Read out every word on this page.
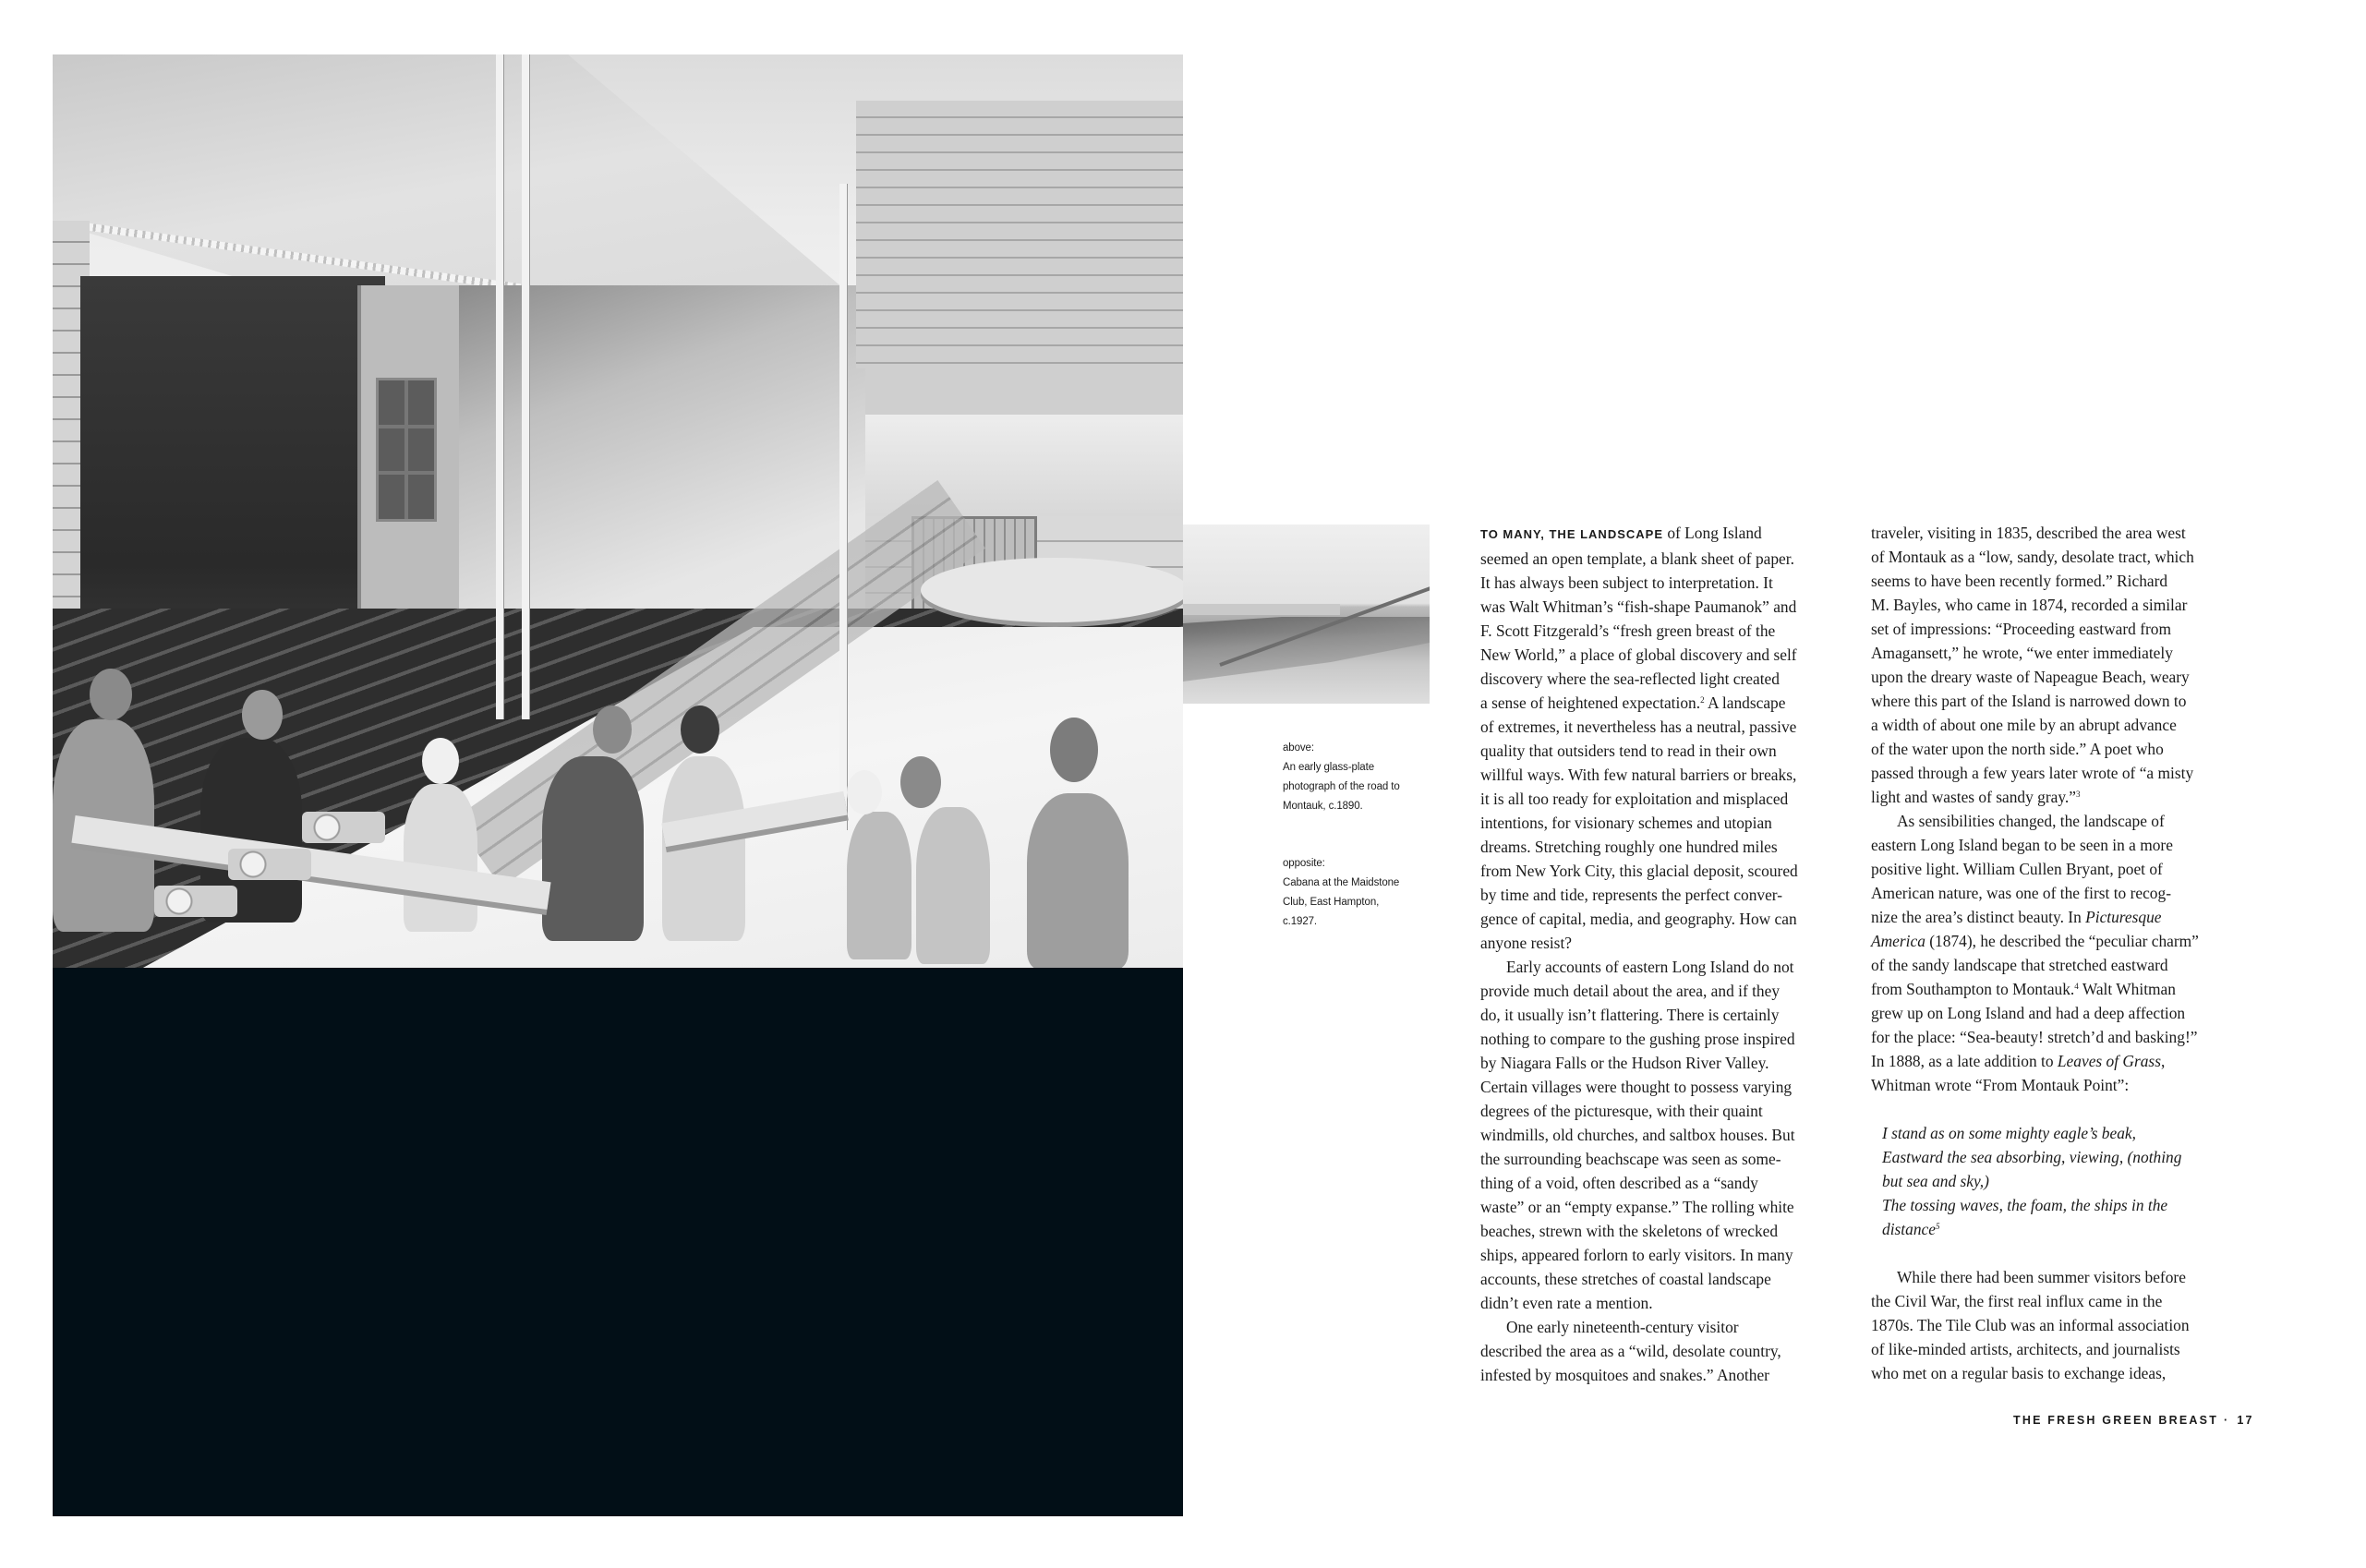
above:
An early glass-plate
photograph of the road to
Montauk, c.1890.
opposite:
Cabana at the Maidstone
Club, East Hampton,
c.1927.

TO MANY, THE LANDSCAPE of Long Island
seemed an open template, a blank sheet of paper.
It has always been subject to interpretation. It
was Walt Whitman’s “fish-shape Paumanok” and
F. Scott Fitzgerald’s “fresh green breast of the
New World,” a place of global discovery and self
discovery where the sea-reflected light created
a sense of heightened expectation.$^2$ A landscape
of extremes, it nevertheless has a neutral, passive
quality that outsiders tend to read in their own
willful ways. With few natural barriers or breaks,
it is all too ready for exploitation and misplaced
intentions, for visionary schemes and utopian
dreams. Stretching roughly one hundred miles
from New York City, this glacial deposit, scoured
by time and tide, represents the perfect conver-
gence of capital, media, and geography. How can
anyone resist?

Early accounts of eastern Long Island do not
provide much detail about the area, and if they
do, it usually isn’t flattering. There is certainly
nothing to compare to the gushing prose inspired
by Niagara Falls or the Hudson River Valley.
Certain villages were thought to possess varying
degrees of the picturesque, with their quaint
windmills, old churches, and saltbox houses. But
the surrounding beachscape was seen as some-
thing of a void, often described as a “sandy
waste” or an “empty expanse.” The rolling white
beaches, strewn with the skeletons of wrecked
ships, appeared forlorn to early visitors. In many
accounts, these stretches of coastal landscape
didn’t even rate a mention.

One early nineteenth-century visitor
described the area as a “wild, desolate country,
infested by mosquitoes and snakes.” Another

traveler, visiting in 1835, described the area west
of Montauk as a “low, sandy, desolate tract, which
seems to have been recently formed.” Richard
M. Bayles, who came in 1874, recorded a similar
set of impressions: “Proceeding eastward from
Amagansett,” he wrote, “we enter immediately
upon the dreary waste of Napeague Beach, weary
where this part of the Island is narrowed down to
a width of about one mile by an abrupt advance
of the water upon the north side.” A poet who
passed through a few years later wrote of “a misty
light and wastes of sandy gray.”$^3$

As sensibilities changed, the landscape of
eastern Long Island began to be seen in a more
positive light. William Cullen Bryant, poet of
American nature, was one of the first to recog-
nize the area’s distinct beauty. In Picturesque
America (1874), he described the “peculiar charm”
of the sandy landscape that stretched eastward
from Southampton to Montauk.$^4$ Walt Whitman
grew up on Long Island and had a deep affection
for the place: “Sea-beauty! stretch’d and basking!”
In 1888, as a late addition to Leaves of Grass,
Whitman wrote “From Montauk Point”:

I stand as on some mighty eagle’s beak,
Eastward the sea absorbing, viewing, (nothing
but sea and sky,)
The tossing waves, the foam, the ships in the
distance$^5$

While there had been summer visitors before
the Civil War, the first real influx came in the
1870s. The Tile Club was an informal association
of like-minded artists, architects, and journalists
who met on a regular basis to exchange ideas,

THE FRESH GREEN BREAST · 17
